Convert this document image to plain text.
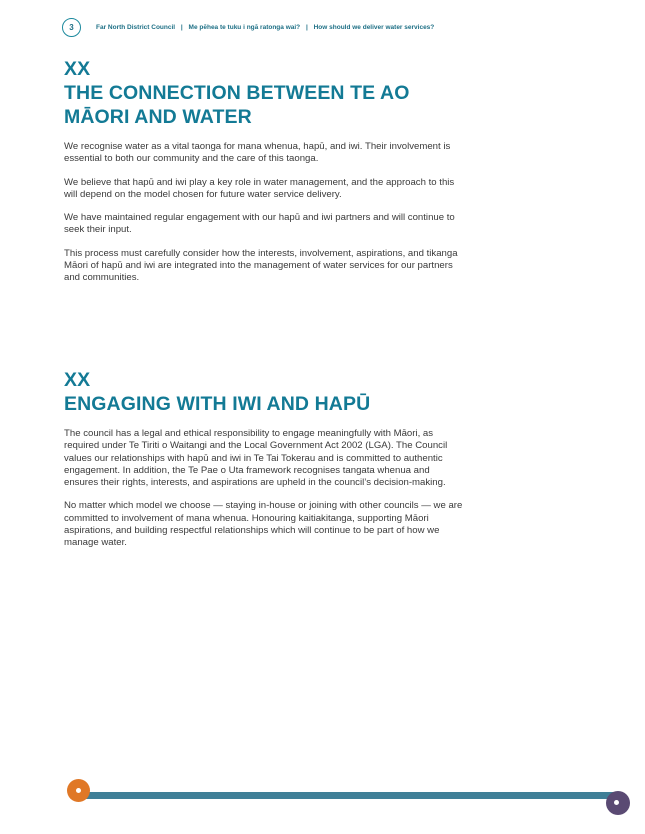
3	Far North District Council | Me pēhea te tuku i ngā ratonga wai? | How should we deliver water services?
XX
THE CONNECTION BETWEEN TE AO
MĀORI AND WATER

We recognise water as a vital taonga for mana whenua, hapū, and iwi. Their involvement is essential to both our community and the care of this taonga.

We believe that hapū and iwi play a key role in water management, and the approach to this will depend on the model chosen for future water service delivery.

We have maintained regular engagement with our hapū and iwi partners and will continue to seek their input.

This process must carefully consider how the interests, involvement, aspirations, and tikanga Māori of hapū and iwi are integrated into the management of water services for our partners and communities.

XX
ENGAGING WITH IWI AND HAPŪ

The council has a legal and ethical responsibility to engage meaningfully with Māori, as required under Te Tiriti o Waitangi and the Local Government Act 2002 (LGA). The Council values our relationships with hapū and iwi in Te Tai Tokerau and is committed to authentic engagement. In addition, the Te Pae o Uta framework recognises tangata whenua and ensures their rights, interests, and aspirations are upheld in the council’s decision-making.

No matter which model we choose — staying in-house or joining with other councils — we are committed to involvement of mana whenua. Honouring kaitiakitanga, supporting Māori aspirations, and building respectful relationships which will continue to be part of how we manage water.
